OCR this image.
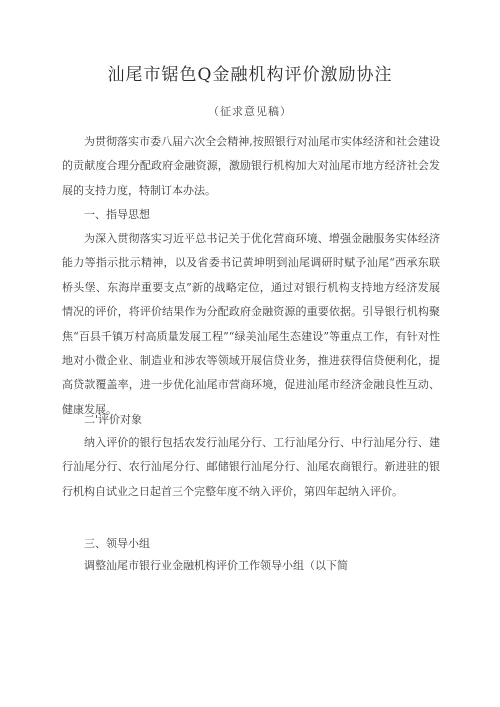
汕尾市锯色Q金融机构评价激励协注
（征求意见稿）

为贯彻落实市委八届六次全会精神,按照银行对汕尾市实体经济和社会建设的贡献度合理分配政府金融资源，激励银行机构加大对汕尾市地方经济社会发展的支持力度，特制订本办法。

一、指导思想

为深入贯彻落实习近平总书记关于优化营商环境、增强金融服务实体经济能力等指示批示精神，以及省委书记黄坤明到汕尾调研时赋予汕尾“西承东联桥头堡、东海岸重要支点”新的战略定位，通过对银行机构支持地方经济发展情况的评价，将评价结果作为分配政府金融资源的重要依据。引导银行机构聚焦“百县千镇万村高质量发展工程”“绿美汕尾生态建设”等重点工作，有针对性地对小微企业、制造业和涉农等领域开展信贷业务，推进获得信贷便利化，提高贷款覆盖率，进一步优化汕尾市营商环境，促进汕尾市经济金融良性互动、健康发展。

二'评价对象

纳入评价的银行包括农发行汕尾分行、工行汕尾分行、中行汕尾分行、建行汕尾分行、农行汕尾分行、邮储银行汕尾分行、汕尾农商银行。新进驻的银行机构自试业之日起首三个完整年度不纳入评价，第四年起纳入评价。

三、领导小组

调整汕尾市银行业金融机构评价工作领导小组（以下简
